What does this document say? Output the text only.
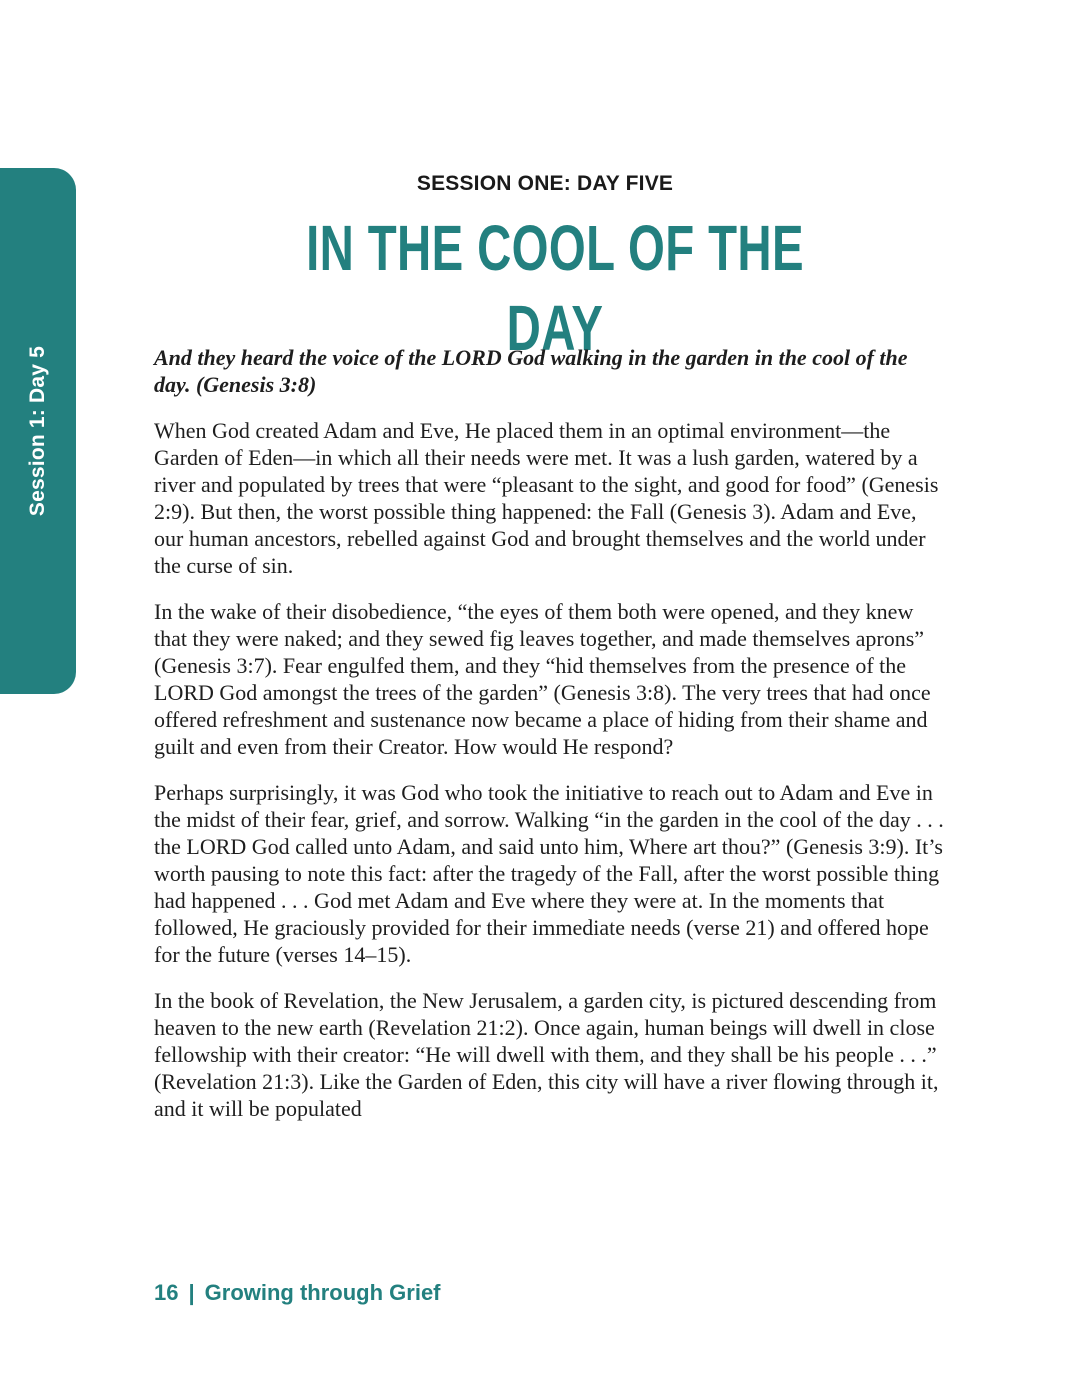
Session 1: Day 5
SESSION ONE: DAY FIVE
IN THE COOL OF THE DAY

And they heard the voice of the LORD God walking in the garden in the cool of the day. (Genesis 3:8)

When God created Adam and Eve, He placed them in an optimal environment—the Garden of Eden—in which all their needs were met. It was a lush garden, watered by a river and populated by trees that were “pleasant to the sight, and good for food” (Genesis 2:9). But then, the worst possible thing happened: the Fall (Genesis 3). Adam and Eve, our human ancestors, rebelled against God and brought themselves and the world under the curse of sin.

In the wake of their disobedience, “the eyes of them both were opened, and they knew that they were naked; and they sewed fig leaves together, and made themselves aprons” (Genesis 3:7). Fear engulfed them, and they “hid themselves from the presence of the LORD God amongst the trees of the garden” (Genesis 3:8). The very trees that had once offered refreshment and sustenance now became a place of hiding from their shame and guilt and even from their Creator. How would He respond?

Perhaps surprisingly, it was God who took the initiative to reach out to Adam and Eve in the midst of their fear, grief, and sorrow. Walking “in the garden in the cool of the day . . . the LORD God called unto Adam, and said unto him, Where art thou?” (Genesis 3:9). It’s worth pausing to note this fact: after the tragedy of the Fall, after the worst possible thing had happened . . . God met Adam and Eve where they were at. In the moments that followed, He graciously provided for their immediate needs (verse 21) and offered hope for the future (verses 14–15).

In the book of Revelation, the New Jerusalem, a garden city, is pictured descending from heaven to the new earth (Revelation 21:2). Once again, human beings will dwell in close fellowship with their creator: “He will dwell with them, and they shall be his people . . .” (Revelation 21:3). Like the Garden of Eden, this city will have a river flowing through it, and it will be populated

16 | Growing through Grief
